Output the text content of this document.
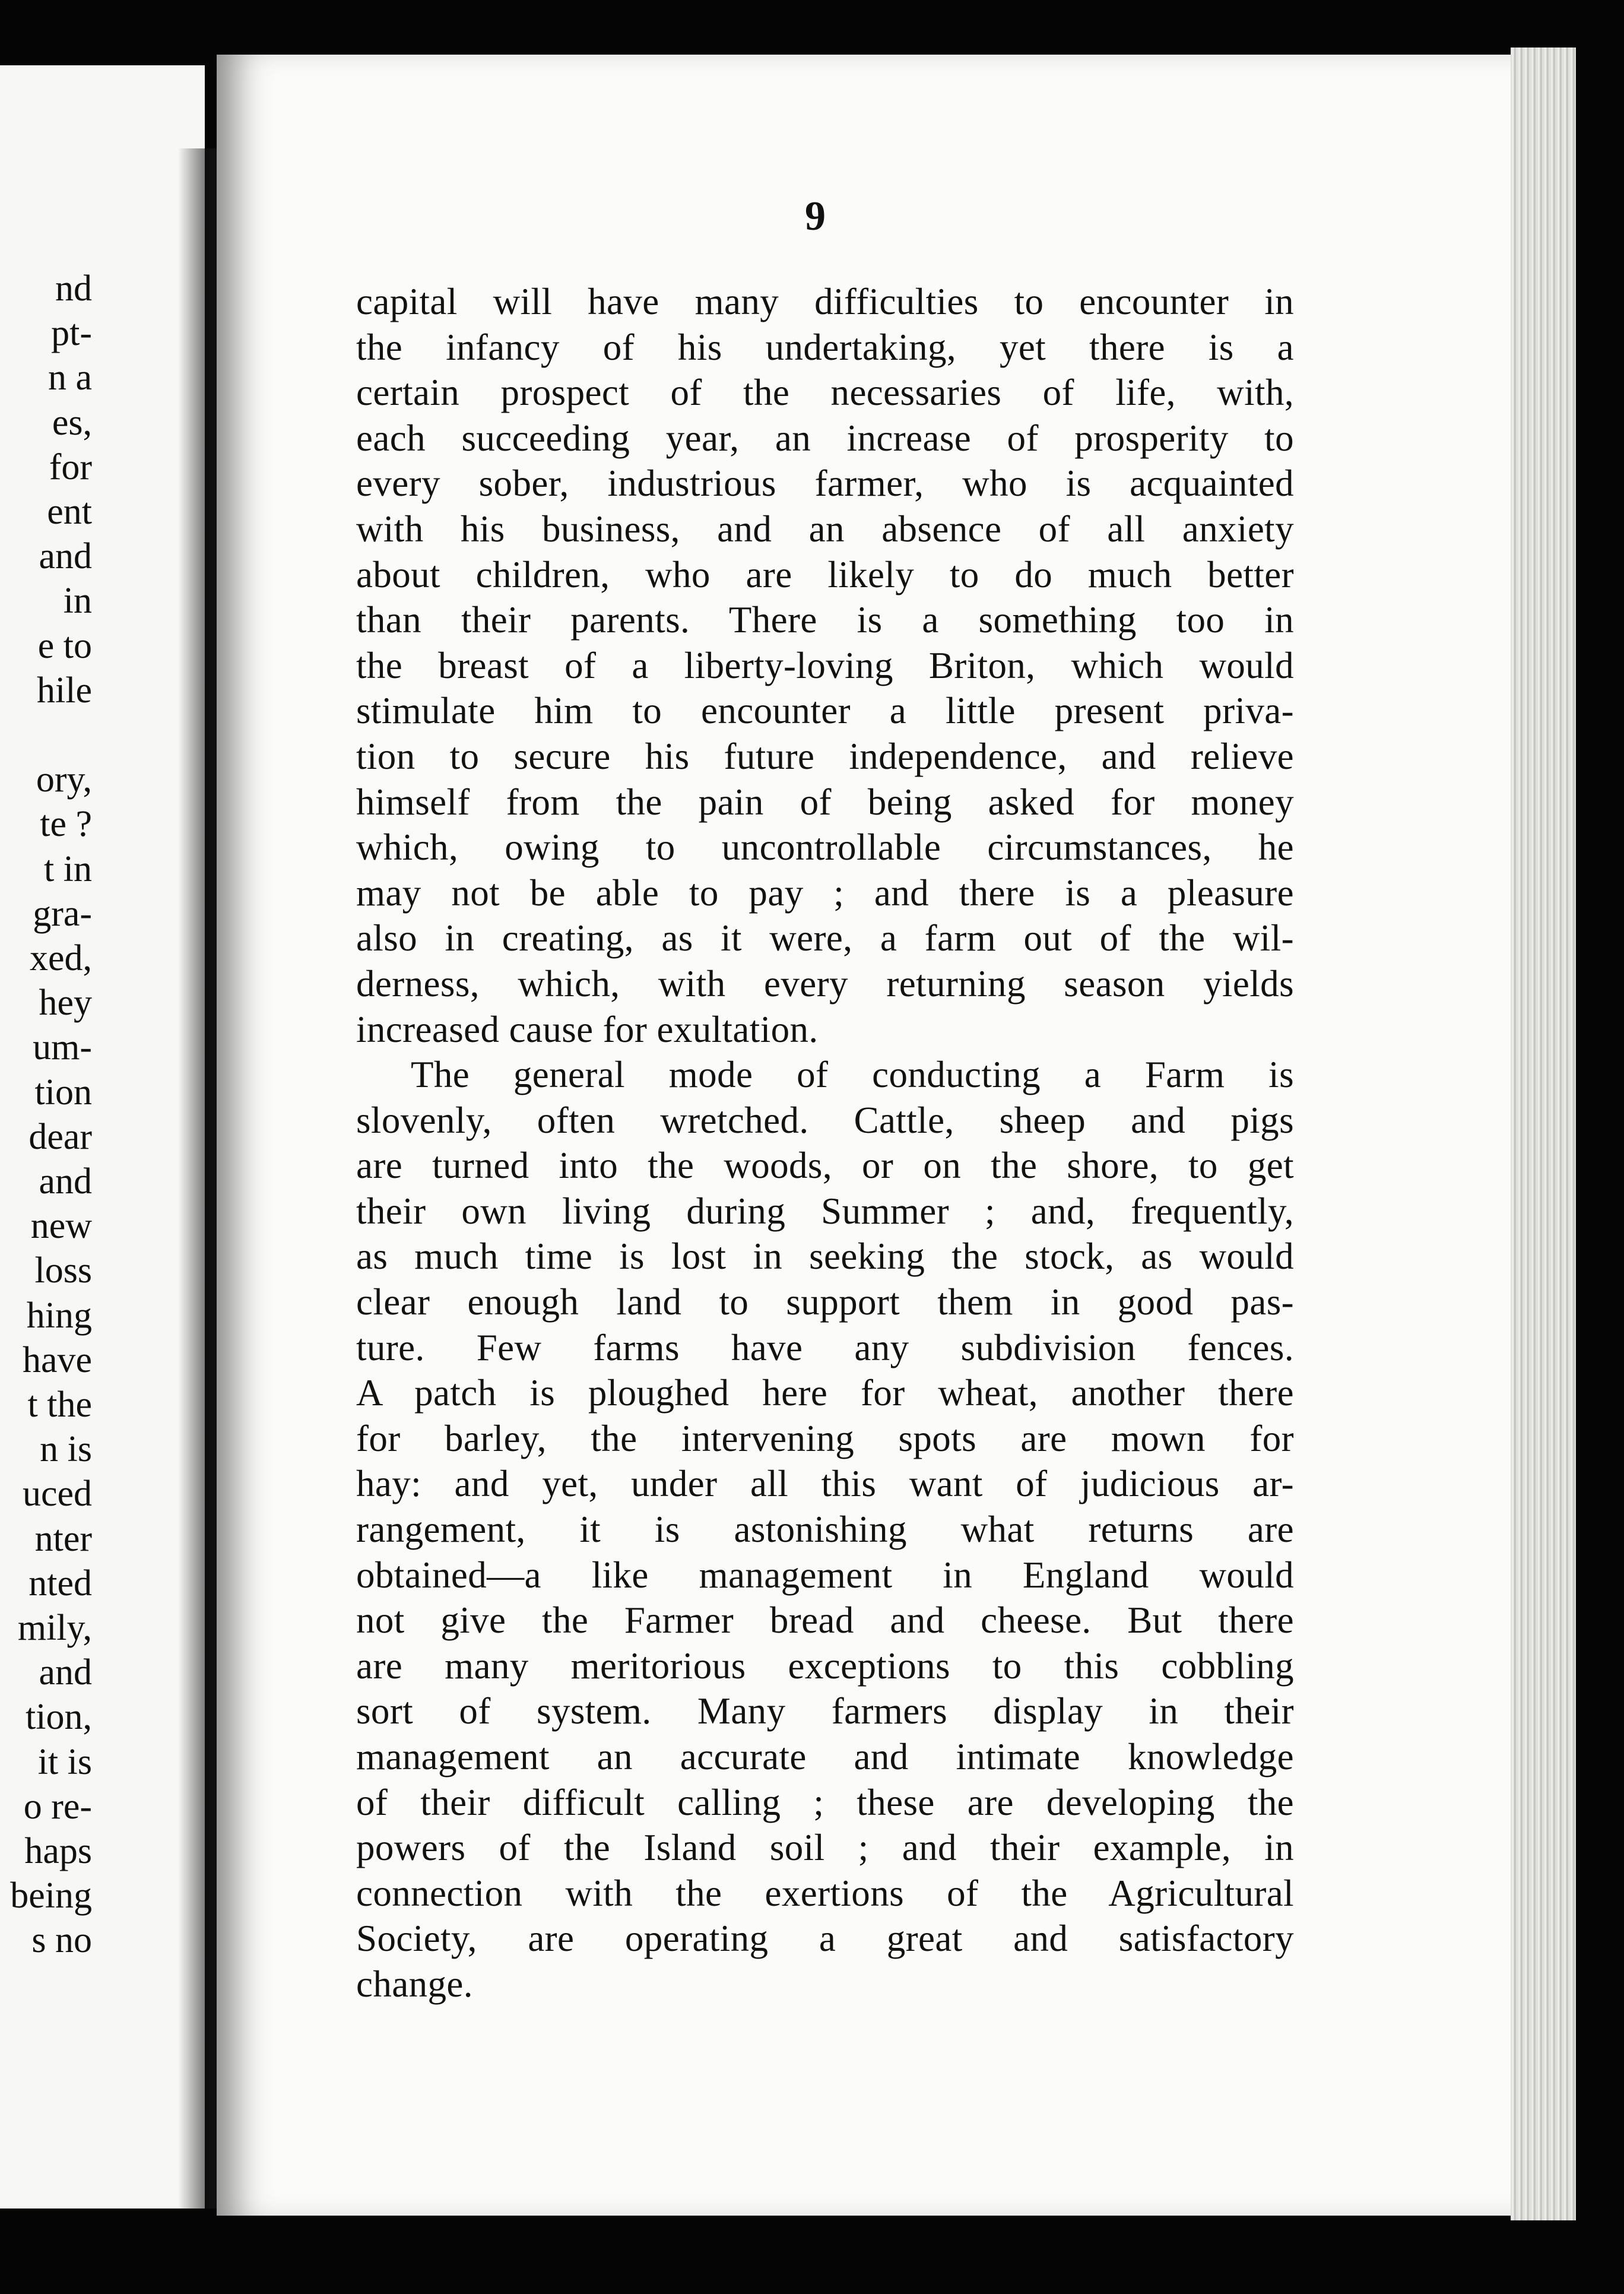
nd
pt-
n a
es,
for
ent
and
in
e to
hile
ory,
te ?
t in
gra-
xed,
hey
um-
tion
dear
and
new
loss
hing
have
t the
n is
uced
nter
nted
mily,
and
tion,
it is
o re-
haps
being
s no
9
capital will have many difficulties to encounter in
the infancy of his undertaking, yet there is a
certain prospect of the necessaries of life, with,
each succeeding year, an increase of prosperity to
every sober, industrious farmer, who is acquainted
with his business, and an absence of all anxiety
about children, who are likely to do much better
than their parents. There is a something too in
the breast of a liberty-loving Briton, which would
stimulate him to encounter a little present priva-
tion to secure his future independence, and relieve
himself from the pain of being asked for money
which, owing to uncontrollable circumstances, he
may not be able to pay ; and there is a pleasure
also in creating, as it were, a farm out of the wil-
derness, which, with every returning season yields
increased cause for exultation.
The general mode of conducting a Farm is
slovenly, often wretched. Cattle, sheep and pigs
are turned into the woods, or on the shore, to get
their own living during Summer ; and, frequently,
as much time is lost in seeking the stock, as would
clear enough land to support them in good pas-
ture. Few farms have any subdivision fences.
A patch is ploughed here for wheat, another there
for barley, the intervening spots are mown for
hay: and yet, under all this want of judicious ar-
rangement, it is astonishing what returns are
obtained—a like management in England would
not give the Farmer bread and cheese. But there
are many meritorious exceptions to this cobbling
sort of system. Many farmers display in their
management an accurate and intimate knowledge
of their difficult calling ; these are developing the
powers of the Island soil ; and their example, in
connection with the exertions of the Agricultural
Society, are operating a great and satisfactory
change.
